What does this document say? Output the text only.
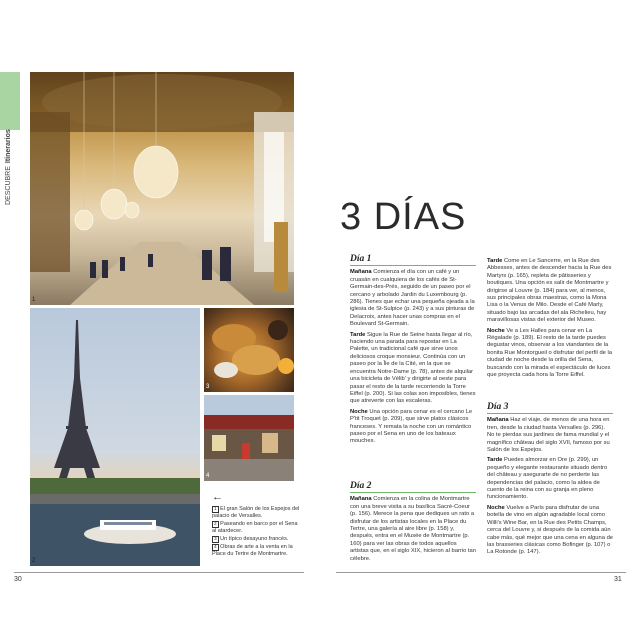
DESCUBREItinerarios
1
2
3
4
←
1 El gran Salón de los Espejos del palacio de Versalles.
2 Paseando en barco por el Sena al atardecer.
3 Un típico desayuno francés.
4 Obras de arte a la venta en la Place du Tertre de Montmartre.
30	31
3 DÍAS
Día 1

Mañana Comienza el día con un café y un cruasán en cualquiera de los cafés de St-Germain-des-Prés, seguido de un paseo por el cercano y arbolado Jardin du Luxembourg (p. 286). Tienes que echar una pequeña ojeada a la iglesia de St-Sulpice (p. 243) y a sus pinturas de Delacroix, antes hacer unas compras en el Boulevard St-Germain.

Tarde Sigue la Rue de Seine hasta llegar al río, haciendo una parada para repostar en La Palette, un tradicional café que sirve unos deliciosos croque monsieur. Continúa con un paseo por la Île de la Cité, en la que se encuentra Notre-Dame (p. 78), antes de alquilar una bicicleta de Vélib' y dirigirte al oeste para pasar el resto de la tarde recorriendo la Torre Eiffel (p. 200). Si las colas son imposibles, tienes que atreverte con las escaleras.

Noche Una opción para cenar es el cercano Le P'tit Troquet (p. 209), que sirve platos clásicos franceses. Y remata la noche con un romántico paseo por el Sena en uno de los bateaux mouches.

Día 2

Mañana Comienza en la colina de Montmartre con una breve visita a su basílica Sacré-Coeur (p. 156). Merece la pena que dediques un rato a disfrutar de los artistas locales en la Place du Tertre, una galería al aire libre (p. 158) y, después, entra en el Musée de Montmartre (p. 160) para ver las obras de todos aquellos artistas que, en el siglo XIX, hicieron al barrio tan célebre.

Tarde Come en Le Sancerre, en la Rue des Abbesses, antes de descender hacia la Rue des Martyrs (p. 165), repleta de pâtisseries y boutiques. Una opción es salir de Montmartre y dirigirse al Louvre (p. 184) para ver, al menos, sus principales obras maestras, como la Mona Lisa o la Venus de Milo. Desde el Café Marly, situado bajo las arcadas del ala Richelieu, hay maravillosas vistas del exterior del Museo.

Noche Ve a Les Halles para cenar en La Régalade (p. 189). El resto de la tarde puedes degustar vinos, observar a los viandantes de la bonita Rue Montorgueil o disfrutar del perfil de la ciudad de noche desde la orilla del Sena, buscando con la mirada el espectáculo de luces que proyecta cada hora la Torre Eiffel.

Día 3

Mañana Haz el viaje, de menos de una hora en tren, desde la ciudad hasta Versalles (p. 296). No te pierdas sus jardines de fama mundial y el magnífico château del siglo XVII, famoso por su Salón de los Espejos.

Tarde Puedes almorzar en Ore (p. 299), un pequeño y elegante restaurante situado dentro del château y asegurarte de no perderte las dependencias del palacio, como la aldea de cuento de la reina con su granja en pleno funcionamiento.

Noche Vuelve a París para disfrutar de una botella de vino en algún agradable local como Willi's Wine Bar, en la Rue des Petits Champs, cerca del Louvre y, si después de la comida aún cabe más, qué mejor que una cena en alguna de las brasseries clásicas como Bofinger (p. 107) o La Rotonde (p. 147).
